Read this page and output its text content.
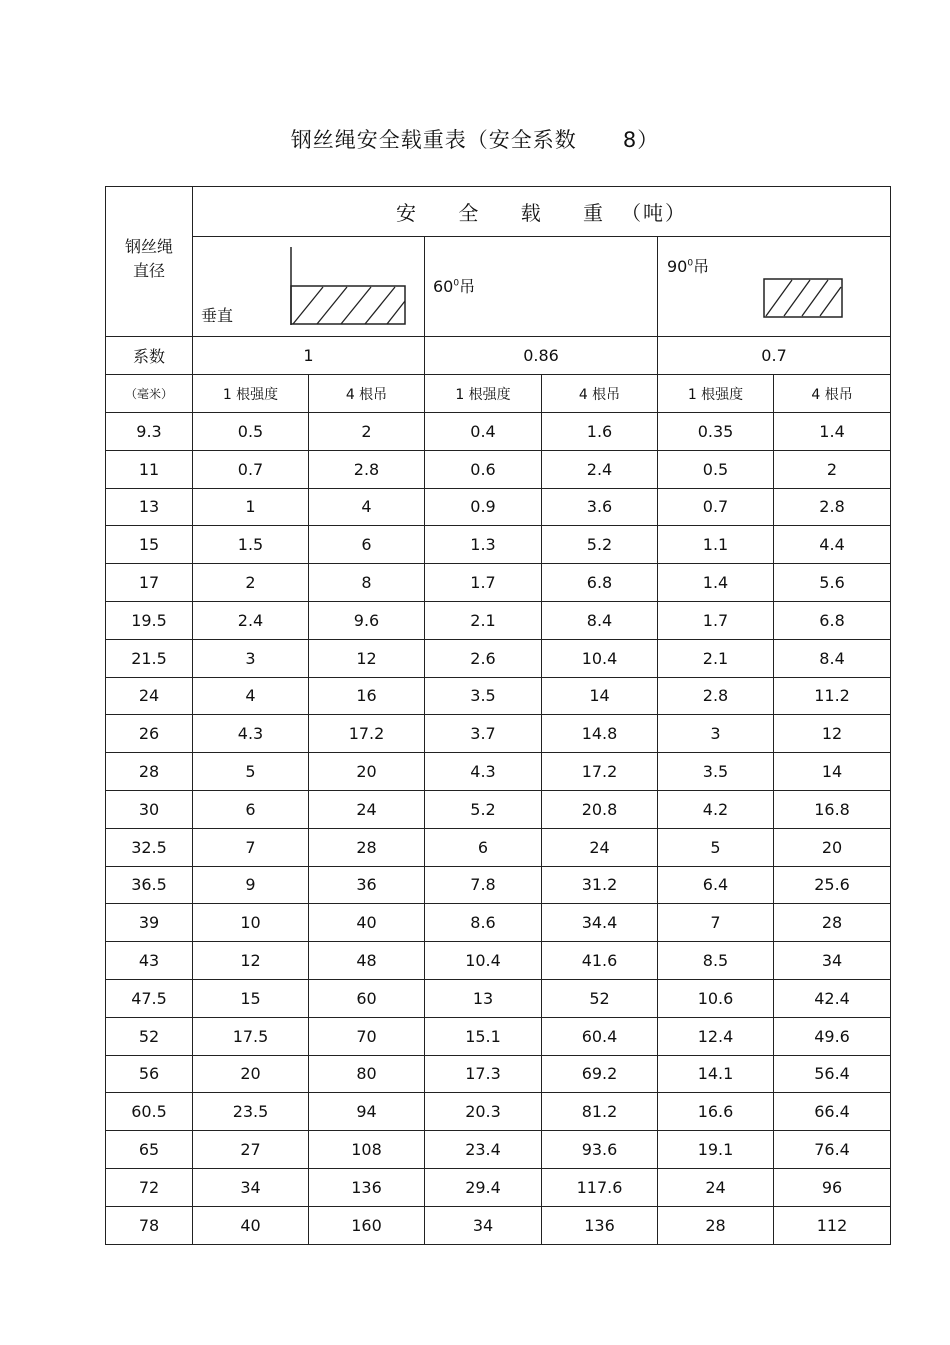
钢丝绳安全载重表（安全系数      8）
钢丝绳
直径	安 全 载 重（吨）					

	垂直		$60^0$吊		$90^0$吊	

系数	1		0.86		0.7	
（毫米）	1 根强度	4 根吊	1 根强度	4 根吊	1 根强度	4 根吊
9.3	0.5	2	0.4	1.6	0.35	1.4
11	0.7	2.8	0.6	2.4	0.5	2
13	1	4	0.9	3.6	0.7	2.8
15	1.5	6	1.3	5.2	1.1	4.4
17	2	8	1.7	6.8	1.4	5.6
19.5	2.4	9.6	2.1	8.4	1.7	6.8
21.5	3	12	2.6	10.4	2.1	8.4
24	4	16	3.5	14	2.8	11.2
26	4.3	17.2	3.7	14.8	3	12
28	5	20	4.3	17.2	3.5	14
30	6	24	5.2	20.8	4.2	16.8
32.5	7	28	6	24	5	20
36.5	9	36	7.8	31.2	6.4	25.6
39	10	40	8.6	34.4	7	28
43	12	48	10.4	41.6	8.5	34
47.5	15	60	13	52	10.6	42.4
52	17.5	70	15.1	60.4	12.4	49.6
56	20	80	17.3	69.2	14.1	56.4
60.5	23.5	94	20.3	81.2	16.6	66.4
65	27	108	23.4	93.6	19.1	76.4
72	34	136	29.4	117.6	24	96
78	40	160	34	136	28	112
